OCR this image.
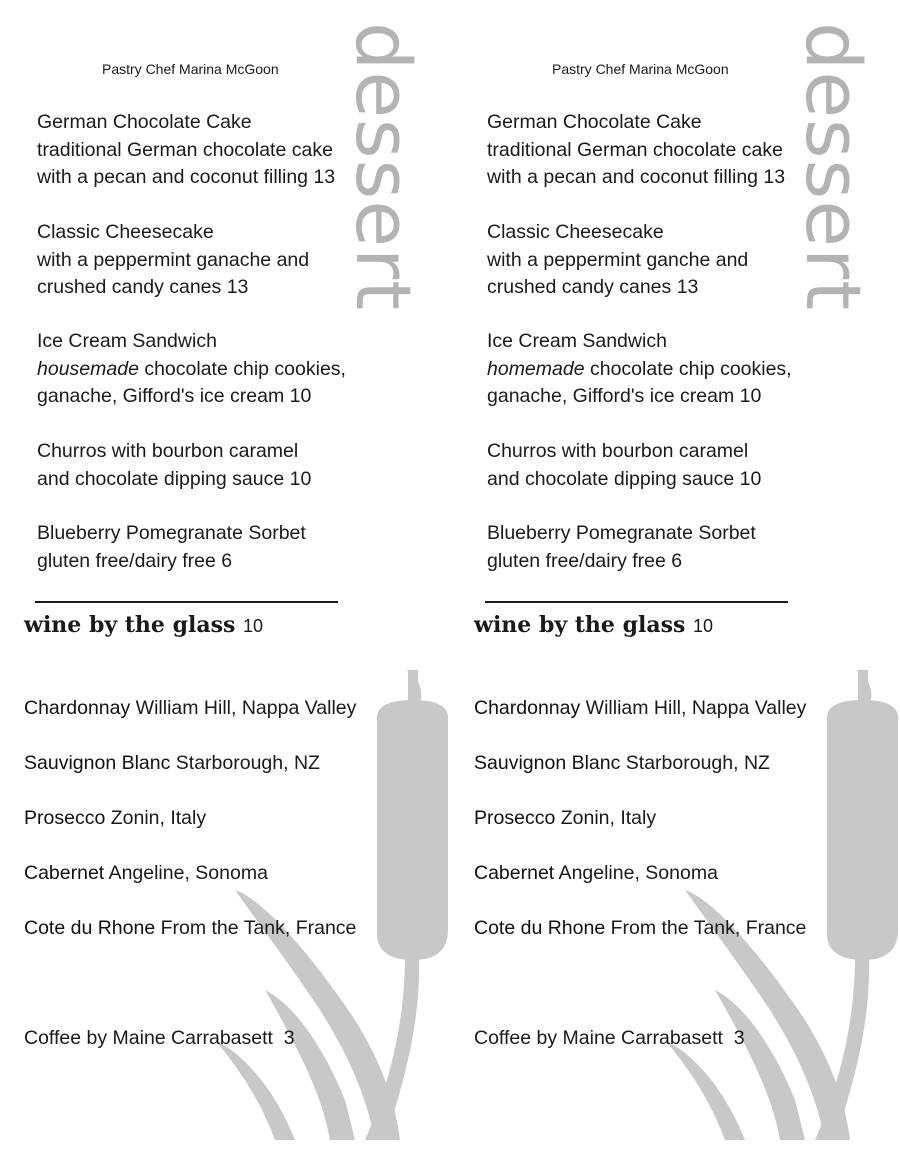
dessert
Pastry Chef Marina McGoon
German Chocolate Cake
traditional German chocolate cake
with a pecan and coconut filling 13
Classic Cheesecake
with a peppermint ganache and
crushed candy canes 13
Ice Cream Sandwich
housemade chocolate chip cookies,
ganache, Gifford's ice cream 10
Churros with bourbon caramel
and chocolate dipping sauce 10
Blueberry Pomegranate Sorbet
gluten free/dairy free 6
wine by the glass 10
Chardonnay William Hill, Nappa Valley
Sauvignon Blanc Starborough, NZ
Prosecco Zonin, Italy
Cabernet Angeline, Sonoma
Cote du Rhone From the Tank, France
Coffee by Maine Carrabasett 3
dessert
Pastry Chef Marina McGoon
German Chocolate Cake
traditional German chocolate cake
with a pecan and coconut filling 13
Classic Cheesecake
with a peppermint ganche and
crushed candy canes 13
Ice Cream Sandwich
homemade chocolate chip cookies,
ganache, Gifford's ice cream 10
Churros with bourbon caramel
and chocolate dipping sauce 10
Blueberry Pomegranate Sorbet
gluten free/dairy free 6
wine by the glass 10
Chardonnay William Hill, Nappa Valley
Sauvignon Blanc Starborough, NZ
Prosecco Zonin, Italy
Cabernet Angeline, Sonoma
Cote du Rhone From the Tank, France
Coffee by Maine Carrabasett 3
